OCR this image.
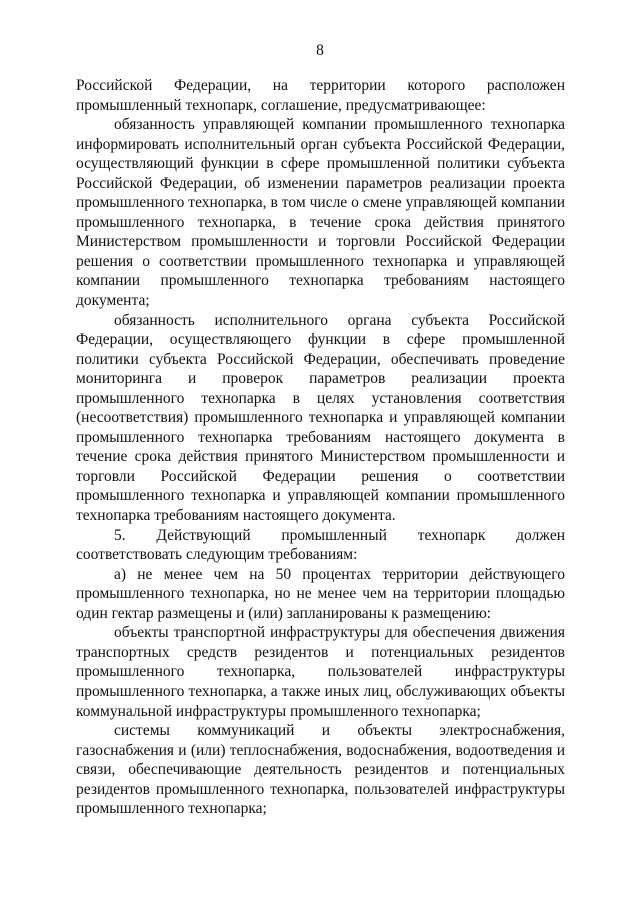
8

Российской Федерации, на территории которого расположен промышленный технопарк, соглашение, предусматривающее:

обязанность управляющей компании промышленного технопарка информировать исполнительный орган субъекта Российской Федерации, осуществляющий функции в сфере промышленной политики субъекта Российской Федерации, об изменении параметров реализации проекта промышленного технопарка, в том числе о смене управляющей компании промышленного технопарка, в течение срока действия принятого Министерством промышленности и торговли Российской Федерации решения о соответствии промышленного технопарка и управляющей компании промышленного технопарка требованиям настоящего документа;

обязанность исполнительного органа субъекта Российской Федерации, осуществляющего функции в сфере промышленной политики субъекта Российской Федерации, обеспечивать проведение мониторинга и проверок параметров реализации проекта промышленного технопарка в целях установления соответствия (несоответствия) промышленного технопарка и управляющей компании промышленного технопарка требованиям настоящего документа в течение срока действия принятого Министерством промышленности и торговли Российской Федерации решения о соответствии промышленного технопарка и управляющей компании промышленного технопарка требованиям настоящего документа.

5. Действующий промышленный технопарк должен соответствовать следующим требованиям:

а) не менее чем на 50 процентах территории действующего промышленного технопарка, но не менее чем на территории площадью один гектар размещены и (или) запланированы к размещению:

объекты транспортной инфраструктуры для обеспечения движения транспортных средств резидентов и потенциальных резидентов промышленного технопарка, пользователей инфраструктуры промышленного технопарка, а также иных лиц, обслуживающих объекты коммунальной инфраструктуры промышленного технопарка;

системы коммуникаций и объекты электроснабжения, газоснабжения и (или) теплоснабжения, водоснабжения, водоотведения и связи, обеспечивающие деятельность резидентов и потенциальных резидентов промышленного технопарка, пользователей инфраструктуры промышленного технопарка;
